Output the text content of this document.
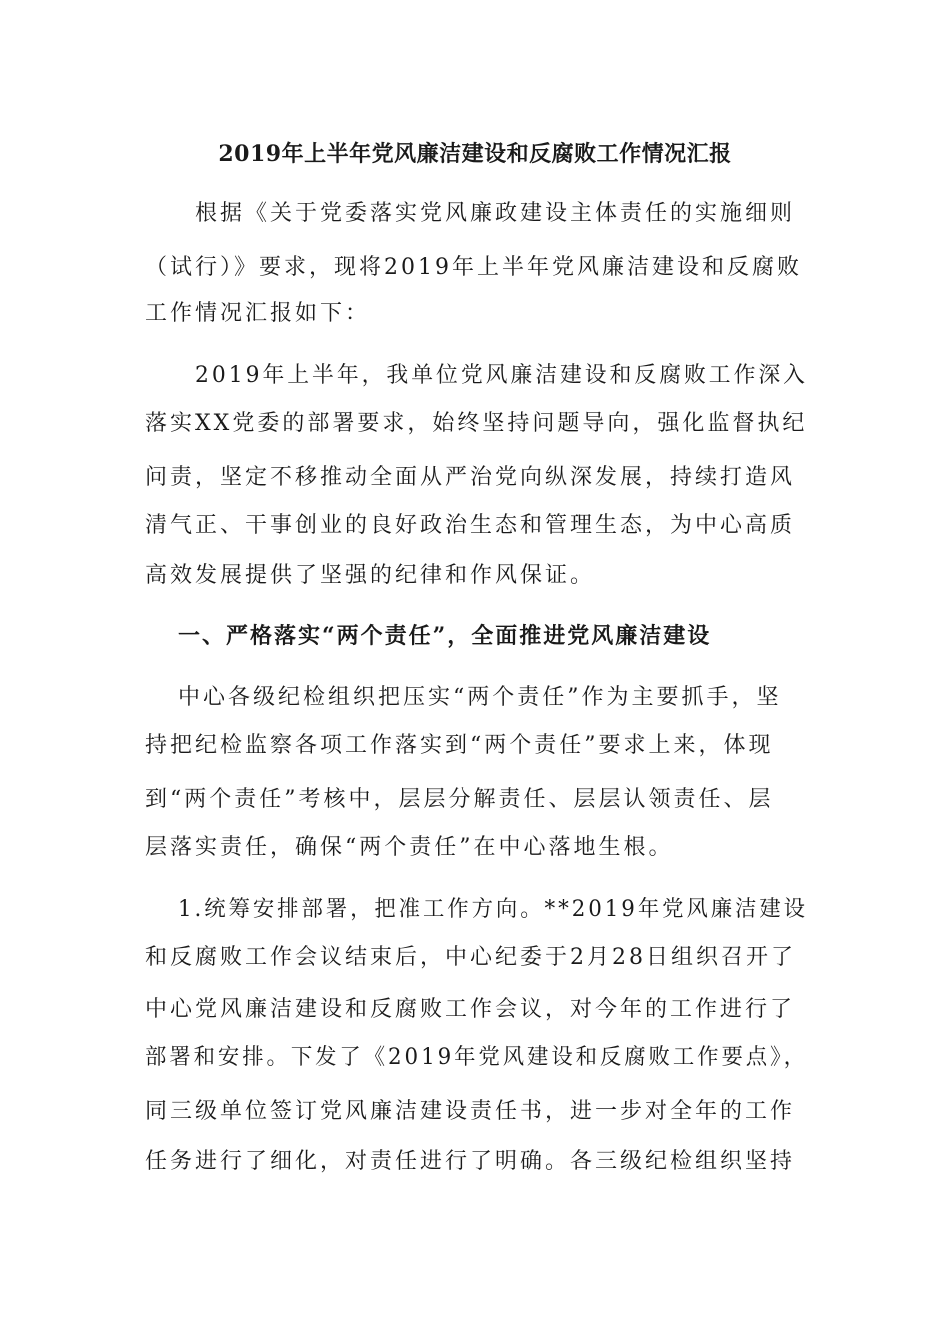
2019年上半年党风廉洁建设和反腐败工作情况汇报
根据《关于党委落实党风廉政建设主体责任的实施细则
（试行）》要求，现将2019年上半年党风廉洁建设和反腐败
工作情况汇报如下：
2019年上半年，我单位党风廉洁建设和反腐败工作深入
落实XX党委的部署要求，始终坚持问题导向，强化监督执纪
问责，坚定不移推动全面从严治党向纵深发展，持续打造风
清气正、干事创业的良好政治生态和管理生态，为中心高质
高效发展提供了坚强的纪律和作风保证。
一、严格落实“两个责任”，全面推进党风廉洁建设
中心各级纪检组织把压实“两个责任”作为主要抓手，坚
持把纪检监察各项工作落实到“两个责任”要求上来，体现
到“两个责任”考核中，层层分解责任、层层认领责任、层
层落实责任，确保“两个责任”在中心落地生根。
1.统筹安排部署，把准工作方向。**2019年党风廉洁建设
和反腐败工作会议结束后，中心纪委于2月28日组织召开了
中心党风廉洁建设和反腐败工作会议，对今年的工作进行了
部署和安排。下发了《2019年党风建设和反腐败工作要点》，
同三级单位签订党风廉洁建设责任书，进一步对全年的工作
任务进行了细化，对责任进行了明确。各三级纪检组织坚持
